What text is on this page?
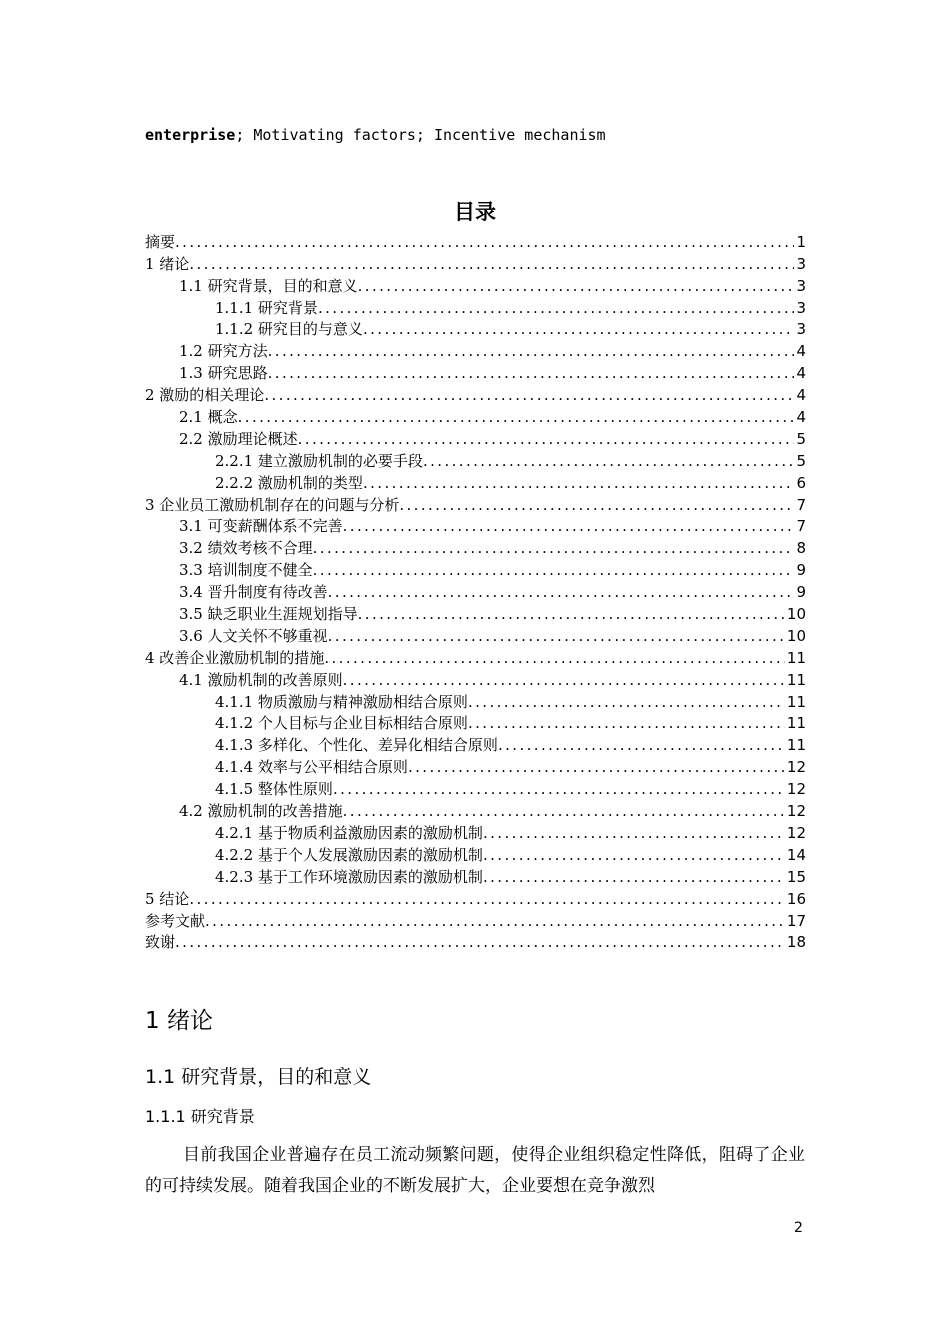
enterprise; Motivating factors; Incentive mechanism
目录
摘要 .....	1
1 绪论 .....	3
1.1 研究背景，目的和意义 .....	3
1.1.1 研究背景 .....	3
1.1.2 研究目的与意义 .....	3
1.2 研究方法 .....	4
1.3 研究思路 .....	4
2 激励的相关理论 .....	4
2.1 概念 .....	4
2.2 激励理论概述 .....	5
2.2.1 建立激励机制的必要手段 .....	5
2.2.2 激励机制的类型 .....	6
3 企业员工激励机制存在的问题与分析 .....	7
3.1 可变薪酬体系不完善 .....	7
3.2 绩效考核不合理 .....	8
3.3 培训制度不健全 .....	9
3.4 晋升制度有待改善 .....	9
3.5 缺乏职业生涯规划指导 .....	10
3.6 人文关怀不够重视 .....	10
4 改善企业激励机制的措施 .....	11
4.1 激励机制的改善原则 .....	11
4.1.1 物质激励与精神激励相结合原则 .....	11
4.1.2 个人目标与企业目标相结合原则 .....	11
4.1.3 多样化、个性化、差异化相结合原则 .....	11
4.1.4 效率与公平相结合原则 .....	12
4.1.5 整体性原则 .....	12
4.2 激励机制的改善措施 .....	12
4.2.1 基于物质利益激励因素的激励机制 .....	12
4.2.2 基于个人发展激励因素的激励机制 .....	14
4.2.3 基于工作环境激励因素的激励机制 .....	15
5 结论 .....	16
参考文献 .....	17
致谢 .....	18
1 绪论
1.1 研究背景，目的和意义
1.1.1 研究背景
目前我国企业普遍存在员工流动频繁问题，使得企业组织稳定性降低，阻碍了企业的可持续发展。随着我国企业的不断发展扩大，企业要想在竞争激烈
2
